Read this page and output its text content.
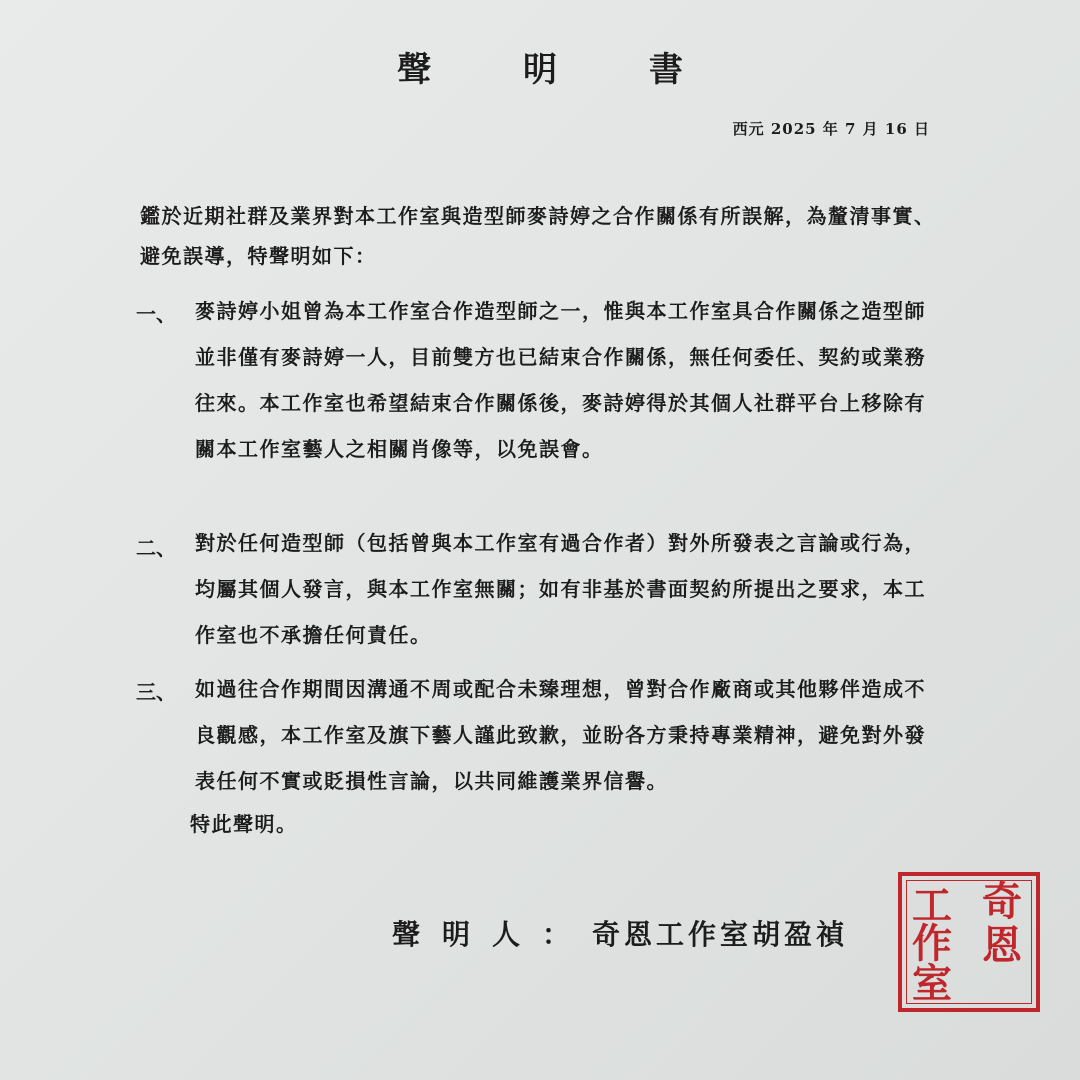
聲 明 書
西元 2025 年 7 月 16 日
鑑於近期社群及業界對本工作室與造型師麥詩婷之合作關係有所誤解，為釐清事實、避免誤導，特聲明如下：
一、 麥詩婷小姐曾為本工作室合作造型師之一，惟與本工作室具合作關係之造型師並非僅有麥詩婷一人，目前雙方也已結束合作關係，無任何委任、契約或業務往來。本工作室也希望結束合作關係後，麥詩婷得於其個人社群平台上移除有關本工作室藝人之相關肖像等，以免誤會。
二、 對於任何造型師（包括曾與本工作室有過合作者）對外所發表之言論或行為，均屬其個人發言，與本工作室無關；如有非基於書面契約所提出之要求，本工作室也不承擔任何責任。
三、 如過往合作期間因溝通不周或配合未臻理想，曾對合作廠商或其他夥伴造成不良觀感，本工作室及旗下藝人謹此致歉，並盼各方秉持專業精神，避免對外發表任何不實或貶損性言論，以共同維護業界信譽。
特此聲明。
聲明人：奇恩工作室胡盈禎
奇
恩
工
作
室
